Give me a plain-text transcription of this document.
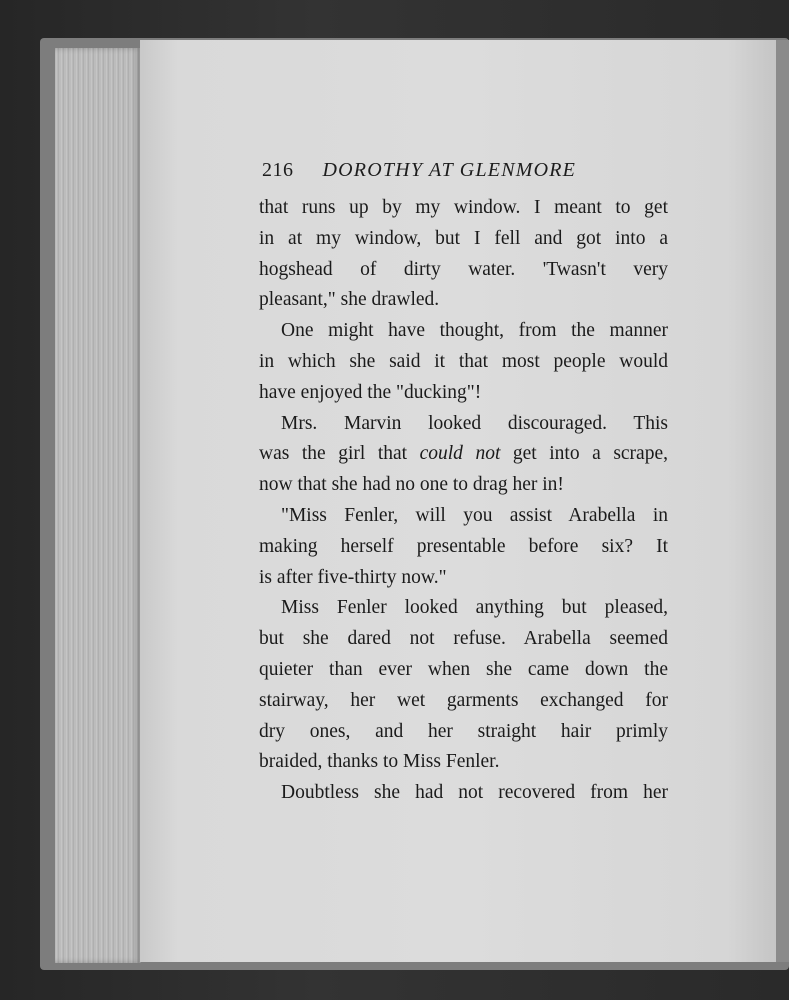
216 DOROTHY AT GLENMORE
that runs up by my window. I meant to get
in at my window, but I fell and got into a
hogshead of dirty water. 'Twasn't very
pleasant," she drawled.
One might have thought, from the manner
in which she said it that most people would
have enjoyed the "ducking"!
Mrs. Marvin looked discouraged. This
was the girl that could not get into a scrape,
now that she had no one to drag her in!
"Miss Fenler, will you assist Arabella in
making herself presentable before six? It
is after five-thirty now."
Miss Fenler looked anything but pleased,
but she dared not refuse. Arabella seemed
quieter than ever when she came down the
stairway, her wet garments exchanged for
dry ones, and her straight hair primly
braided, thanks to Miss Fenler.
Doubtless she had not recovered from her
